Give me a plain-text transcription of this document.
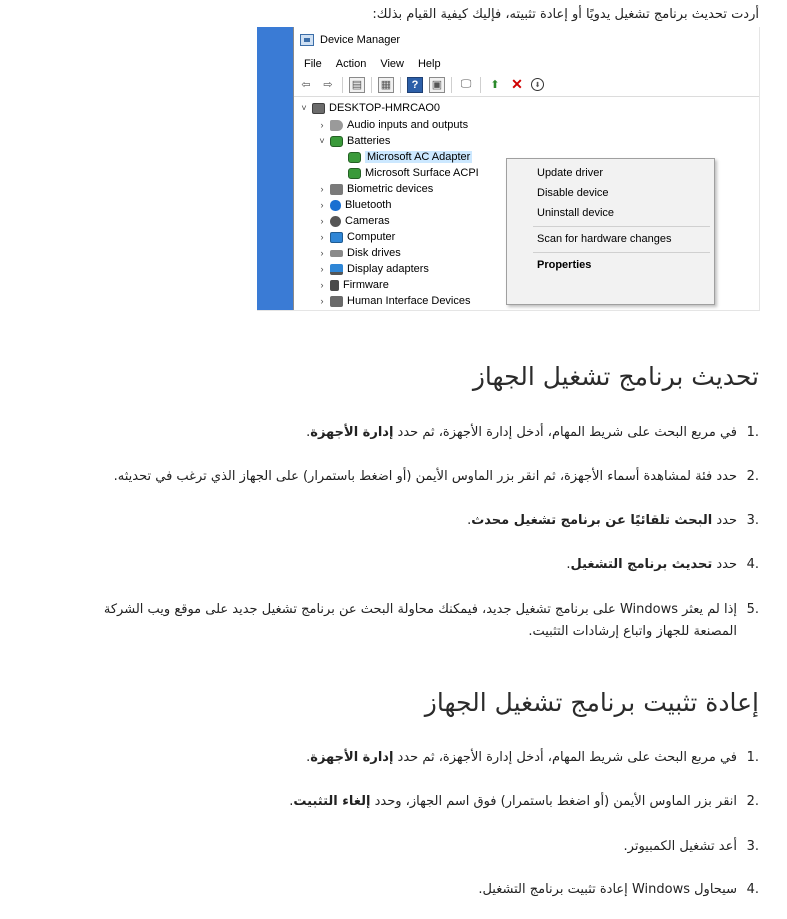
أردت تحديث برنامج تشغيل يدويًا أو إعادة تثبيته، فإليك كيفية القيام بذلك:
Device Manager
File Action View Help
⇦	⇨	▤ ▦	?	▣ 🖵	⬆ ✕	⬇
˅	DESKTOP-HMRCAO0
›	Audio inputs and outputs
˅	Batteries
Microsoft AC Adapter
Microsoft Surface ACPI
›	Biometric devices
›	Bluetooth
›	Cameras
›	Computer
›	Disk drives
›	Display adapters
›	Firmware
›	Human Interface Devices
Update driver
Disable device
Uninstall device
Scan for hardware changes
Properties
تحديث برنامج تشغيل الجهاز
.1في مربع البحث على شريط المهام، أدخل إدارة الأجهزة، ثم حدد إدارة الأجهزة.
.2حدد فئة لمشاهدة أسماء الأجهزة، ثم انقر بزر الماوس الأيمن (أو اضغط باستمرار) على الجهاز الذي ترغب في تحديثه.
.3حدد البحث تلقائيًا عن برنامج تشغيل محدث.
.4حدد تحديث برنامج التشغيل.
.5إذا لم يعثر Windows على برنامج تشغيل جديد، فيمكنك محاولة البحث عن برنامج تشغيل جديد على موقع ويب الشركة المصنعة للجهاز واتباع إرشادات التثبيت.
إعادة تثبيت برنامج تشغيل الجهاز
.1في مربع البحث على شريط المهام، أدخل إدارة الأجهزة، ثم حدد إدارة الأجهزة.
.2انقر بزر الماوس الأيمن (أو اضغط باستمرار) فوق اسم الجهاز، وحدد إلغاء التثبيت.
.3أعد تشغيل الكمبيوتر.
.4سيحاول Windows إعادة تثبيت برنامج التشغيل.
